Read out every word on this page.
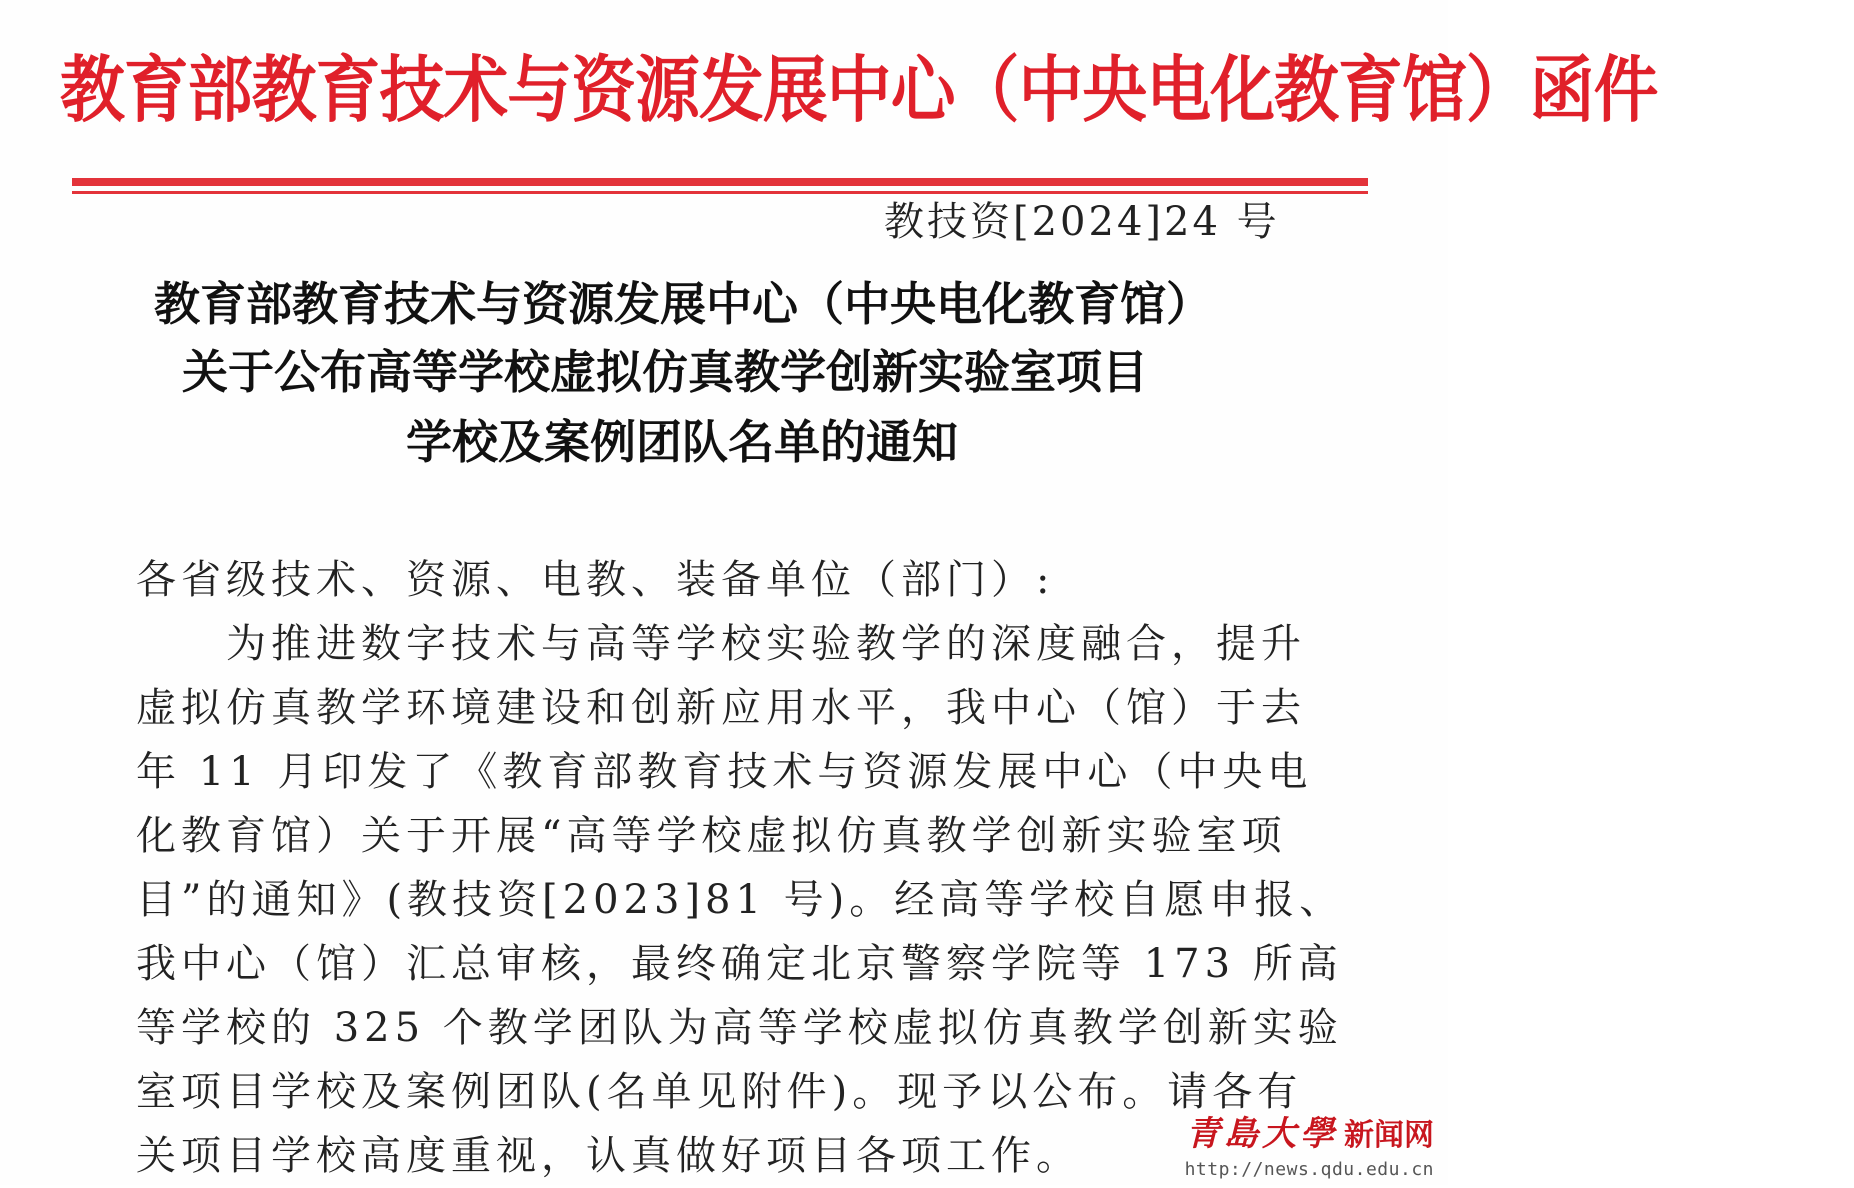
教育部教育技术与资源发展中心（中央电化教育馆）函件
教技资[2024]24 号
教育部教育技术与资源发展中心（中央电化教育馆）
关于公布高等学校虚拟仿真教学创新实验室项目
学校及案例团队名单的通知
各省级技术、资源、电教、装备单位（部门）:
　　为推进数字技术与高等学校实验教学的深度融合，提升
虚拟仿真教学环境建设和创新应用水平，我中心（馆）于去
年 11 月印发了《教育部教育技术与资源发展中心（中央电
化教育馆）关于开展“高等学校虚拟仿真教学创新实验室项
目”的通知》(教技资[2023]81 号)。经高等学校自愿申报、
我中心（馆）汇总审核，最终确定北京警察学院等 173 所高
等学校的 325 个教学团队为高等学校虚拟仿真教学创新实验
室项目学校及案例团队(名单见附件)。现予以公布。请各有
关项目学校高度重视，认真做好项目各项工作。	青島大學 新闻网
http://news.qdu.edu.cn
